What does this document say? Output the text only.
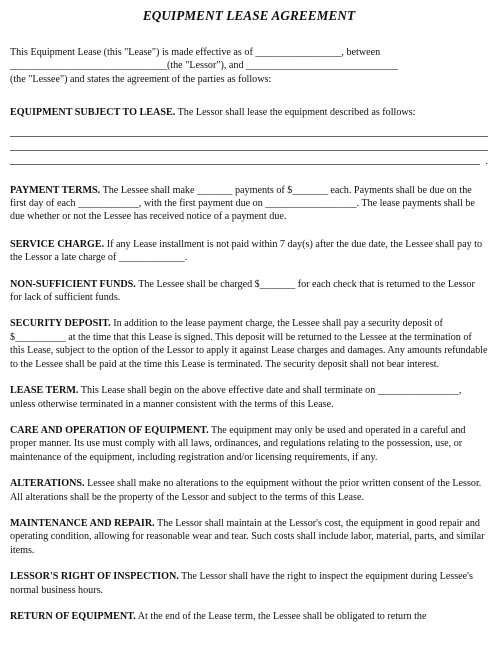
EQUIPMENT LEASE AGREEMENT

This Equipment Lease (this "Lease") is made effective as of _________________, between

_______________________________(the "Lessor"), and ______________________________

(the "Lessee") and states the agreement of the parties as follows:

EQUIPMENT SUBJECT TO LEASE. The Lessor shall lease the equipment described as follows:

.

PAYMENT TERMS. The Lessee shall make _______ payments of $_______ each. Payments shall be due on the first day of each ____________, with the first payment due on __________________. The lease payments shall be due whether or not the Lessee has received notice of a payment due.

SERVICE CHARGE. If any Lease installment is not paid within 7 day(s) after the due date, the Lessee shall pay to the Lessor a late charge of _____________.

NON-SUFFICIENT FUNDS. The Lessee shall be charged $_______ for each check that is returned to the Lessor for lack of sufficient funds.

SECURITY DEPOSIT. In addition to the lease payment charge, the Lessee shall pay a security deposit of $__________ at the time that this Lease is signed. This deposit will be returned to the Lessee at the termination of this Lease, subject to the option of the Lessor to apply it against Lease charges and damages. Any amounts refundable to the Lessee shall be paid at the time this Lease is terminated. The security deposit shall not bear interest.

LEASE TERM. This Lease shall begin on the above effective date and shall terminate on ________________, unless otherwise terminated in a manner consistent with the terms of this Lease.

CARE AND OPERATION OF EQUIPMENT. The equipment may only be used and operated in a careful and proper manner. Its use must comply with all laws, ordinances, and regulations relating to the possession, use, or maintenance of the equipment, including registration and/or licensing requirements, if any.

ALTERATIONS. Lessee shall make no alterations to the equipment without the prior written consent of the Lessor. All alterations shall be the property of the Lessor and subject to the terms of this Lease.

MAINTENANCE AND REPAIR. The Lessor shall maintain at the Lessor's cost, the equipment in good repair and operating condition, allowing for reasonable wear and tear. Such costs shall include labor, material, parts, and similar items.

LESSOR'S RIGHT OF INSPECTION. The Lessor shall have the right to inspect the equipment during Lessee's normal business hours.

RETURN OF EQUIPMENT. At the end of the Lease term, the Lessee shall be obligated to return the
